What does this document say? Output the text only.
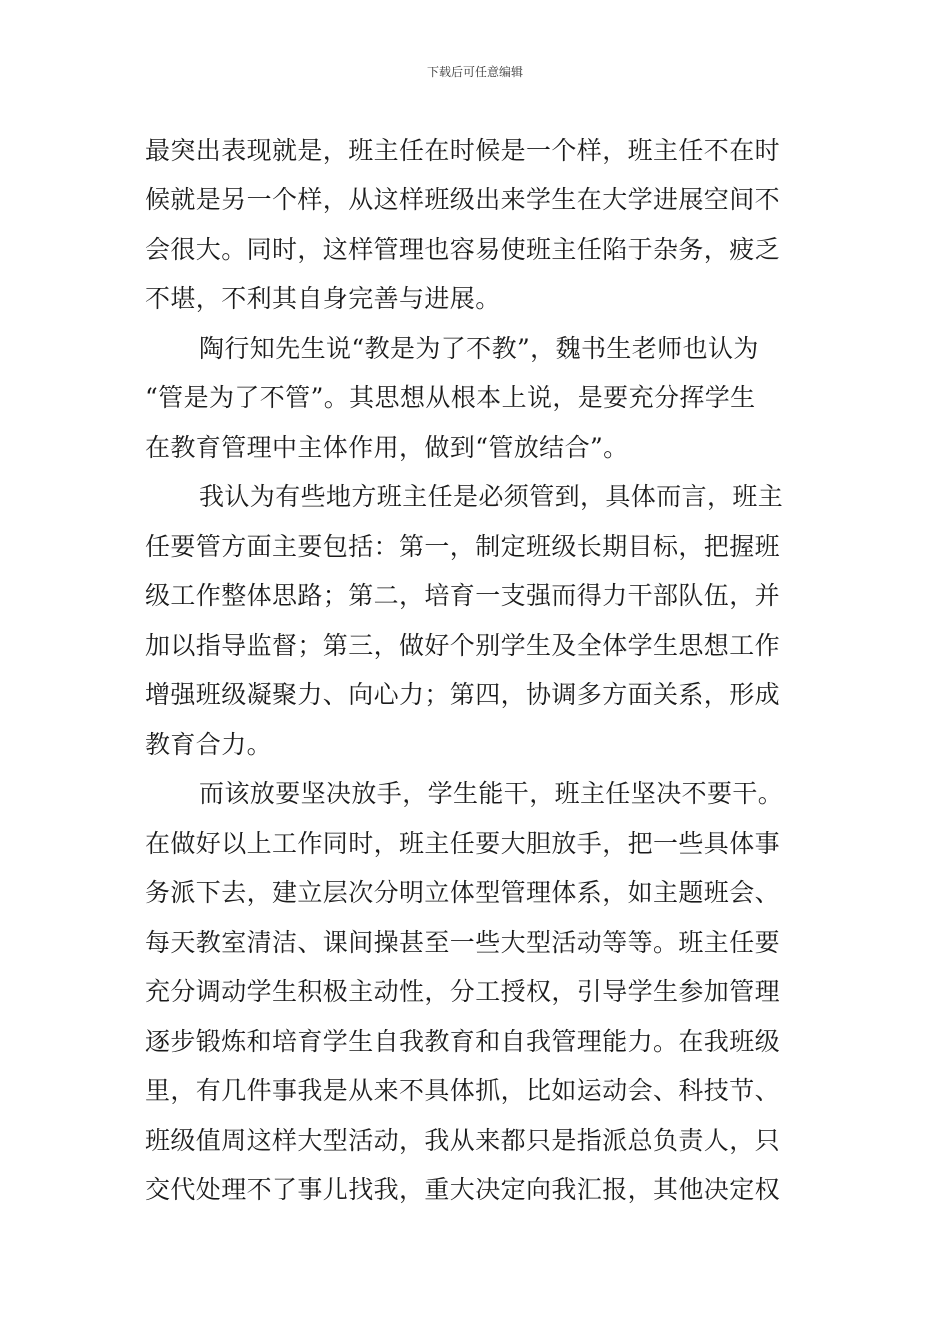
下载后可任意编辑
最突出表现就是，班主任在时候是一个样，班主任不在时
候就是另一个样，从这样班级出来学生在大学进展空间不
会很大。同时，这样管理也容易使班主任陷于杂务，疲乏
不堪，不利其自身完善与进展。
陶行知先生说“教是为了不教”，魏书生老师也认为
“管是为了不管”。其思想从根本上说，是要充分挥学生
在教育管理中主体作用，做到“管放结合”。
我认为有些地方班主任是必须管到，具体而言，班主
任要管方面主要包括：第一，制定班级长期目标，把握班
级工作整体思路；第二，培育一支强而得力干部队伍，并
加以指导监督；第三，做好个别学生及全体学生思想工作
增强班级凝聚力、向心力；第四，协调多方面关系，形成
教育合力。
而该放要坚决放手，学生能干，班主任坚决不要干。
在做好以上工作同时，班主任要大胆放手，把一些具体事
务派下去，建立层次分明立体型管理体系，如主题班会、
每天教室清洁、课间操甚至一些大型活动等等。班主任要
充分调动学生积极主动性，分工授权，引导学生参加管理
逐步锻炼和培育学生自我教育和自我管理能力。在我班级
里，有几件事我是从来不具体抓，比如运动会、科技节、
班级值周这样大型活动，我从来都只是指派总负责人，只
交代处理不了事儿找我，重大决定向我汇报，其他决定权
